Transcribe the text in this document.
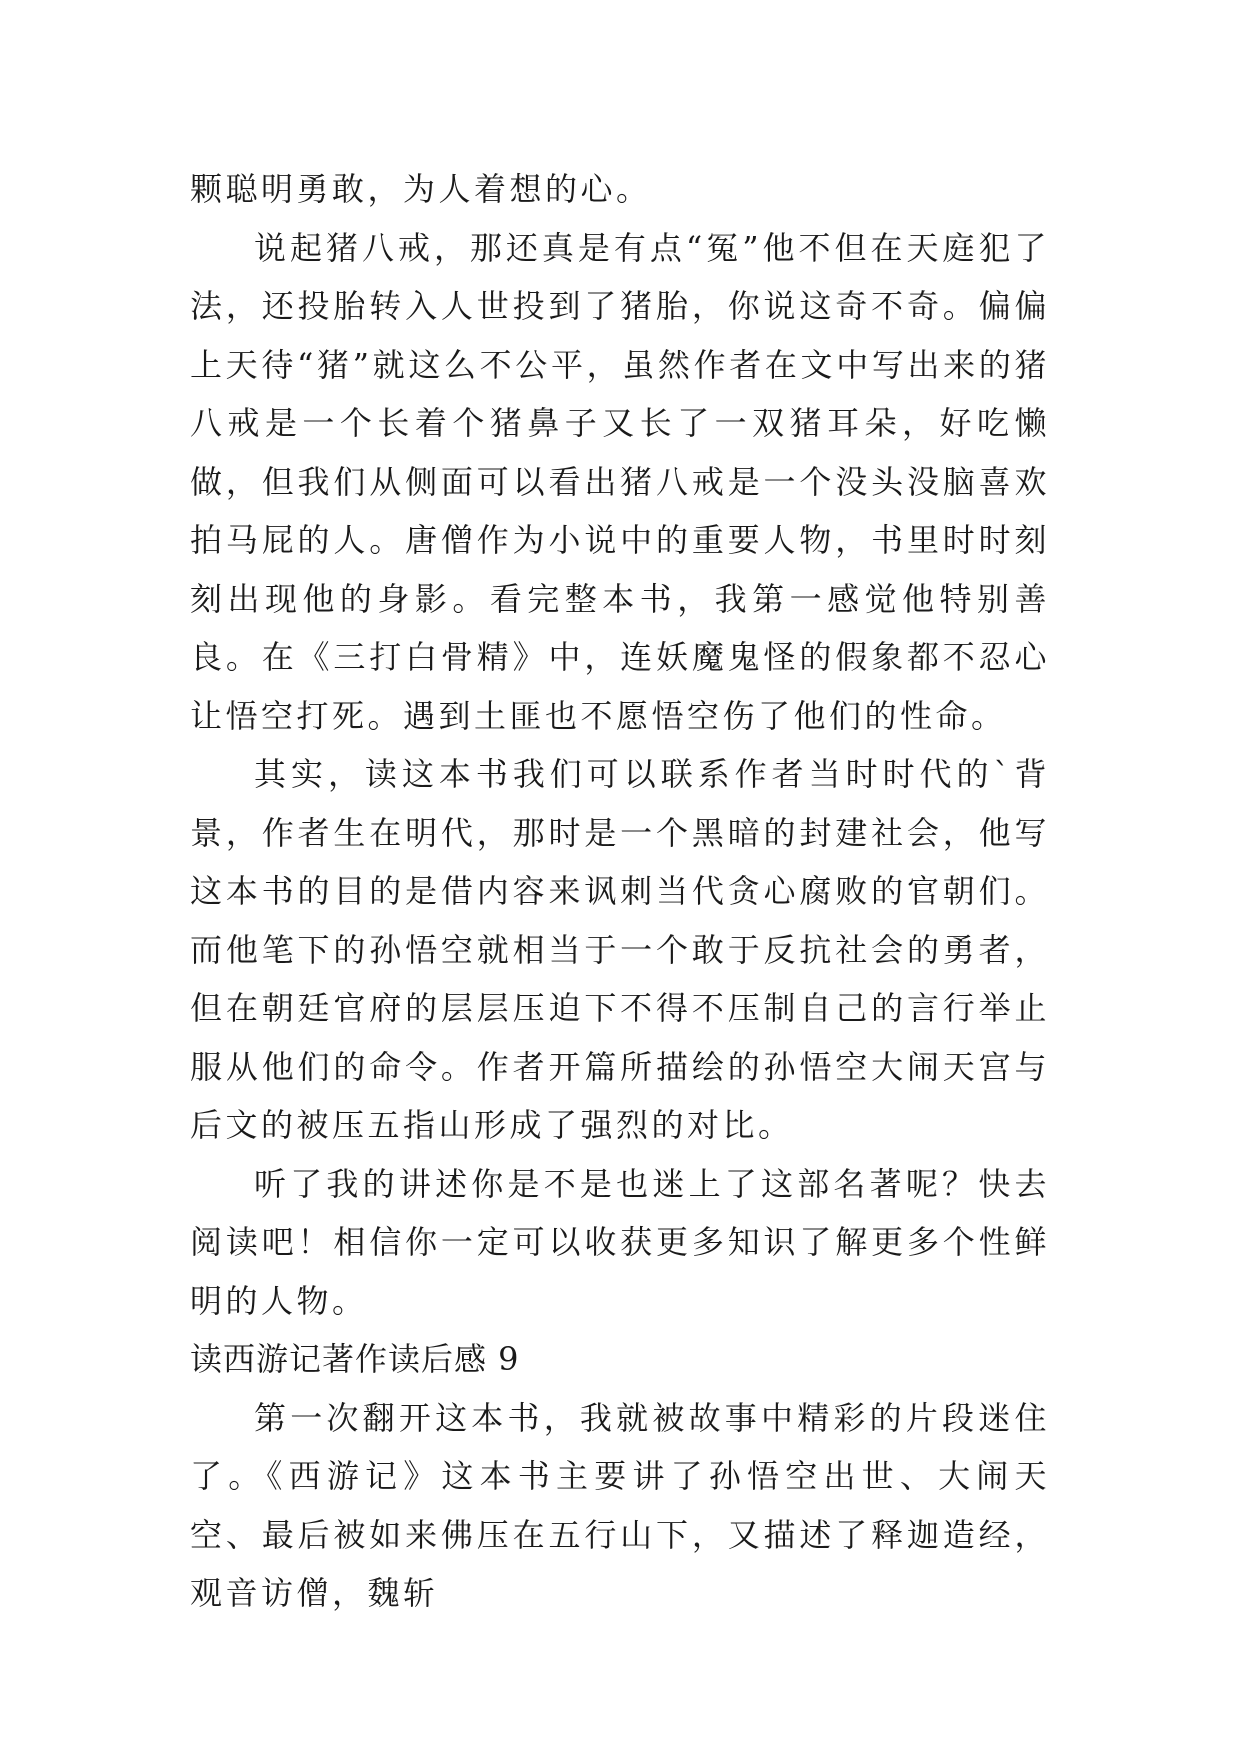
颗聪明勇敢，为人着想的心。

说起猪八戒，那还真是有点“冤”他不但在天庭犯了法，还投胎转入人世投到了猪胎，你说这奇不奇。偏偏上天待“猪”就这么不公平，虽然作者在文中写出来的猪八戒是一个长着个猪鼻子又长了一双猪耳朵，好吃懒做，但我们从侧面可以看出猪八戒是一个没头没脑喜欢拍马屁的人。唐僧作为小说中的重要人物，书里时时刻刻出现他的身影。看完整本书，我第一感觉他特别善良。在《三打白骨精》中，连妖魔鬼怪的假象都不忍心让悟空打死。遇到土匪也不愿悟空伤了他们的性命。

其实，读这本书我们可以联系作者当时时代的`背景，作者生在明代，那时是一个黑暗的封建社会，他写这本书的目的是借内容来讽刺当代贪心腐败的官朝们。而他笔下的孙悟空就相当于一个敢于反抗社会的勇者，但在朝廷官府的层层压迫下不得不压制自己的言行举止服从他们的命令。作者开篇所描绘的孙悟空大闹天宫与后文的被压五指山形成了强烈的对比。

听了我的讲述你是不是也迷上了这部名著呢？快去阅读吧！相信你一定可以收获更多知识了解更多个性鲜明的人物。

读西游记著作读后感 9

第一次翻开这本书，我就被故事中精彩的片段迷住了。《西游记》这本书主要讲了孙悟空出世、大闹天空、最后被如来佛压在五行山下，又描述了释迦造经，观音访僧，魏斩
